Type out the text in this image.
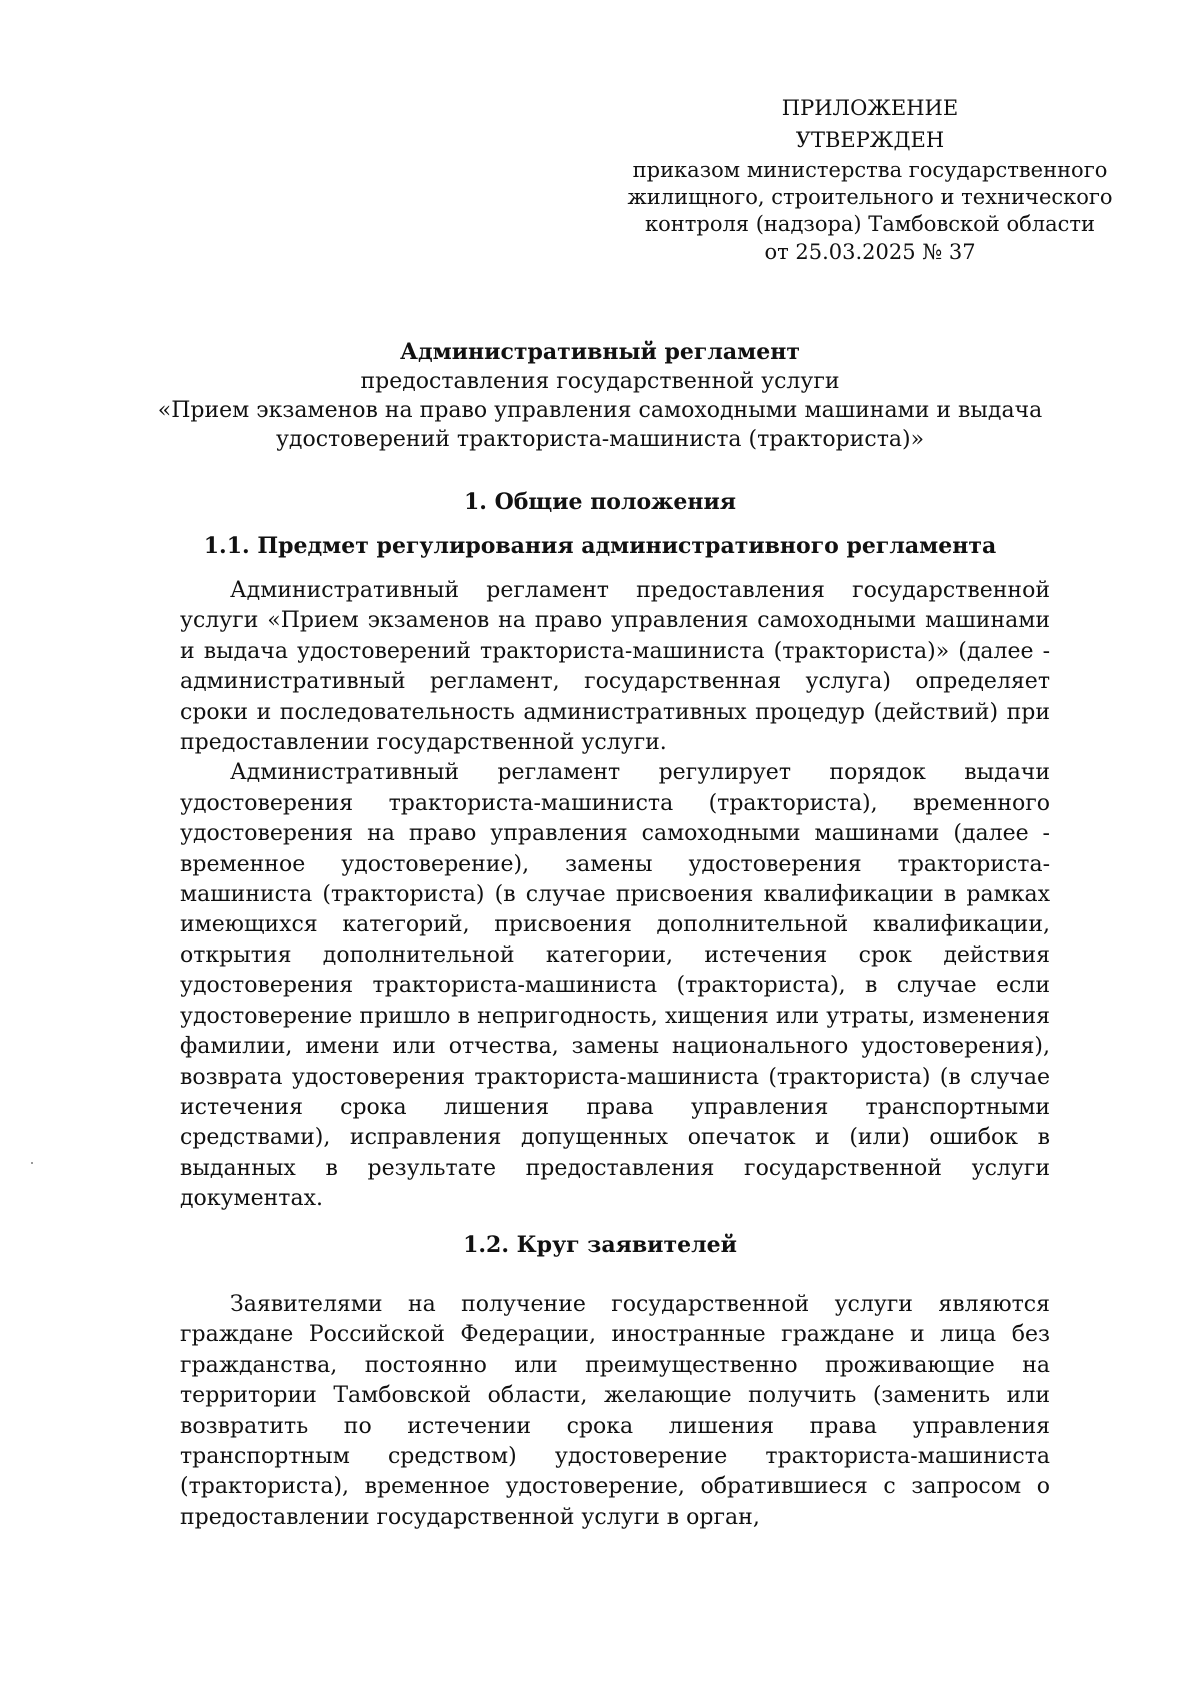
ПРИЛОЖЕНИЕ
УТВЕРЖДЕН
приказом министерства государственного
жилищного, строительного и технического
контроля (надзора) Тамбовской области
от 25.03.2025 № 37
Административный регламент
предоставления государственной услуги
«Прием экзаменов на право управления самоходными машинами и выдача
удостоверений тракториста-машиниста (тракториста)»
1. Общие положения
1.1. Предмет регулирования административного регламента

Административный регламент предоставления государственной услуги «Прием экзаменов на право управления самоходными машинами и выдача удостоверений тракториста-машиниста (тракториста)» (далее - административный регламент, государственная услуга) определяет сроки и последовательность административных процедур (действий) при предоставлении государственной услуги.

Административный регламент регулирует порядок выдачи удостоверения тракториста-машиниста (тракториста), временного удостоверения на право управления самоходными машинами (далее - временное удостоверение), замены удостоверения тракториста-машиниста (тракториста) (в случае присвоения квалификации в рамках имеющихся категорий, присвоения дополнительной квалификации, открытия дополнительной категории, истечения срок действия удостоверения тракториста-машиниста (тракториста), в случае если удостоверение пришло в непригодность, хищения или утраты, изменения фамилии, имени или отчества, замены национального удостоверения), возврата удостоверения тракториста-машиниста (тракториста) (в случае истечения срока лишения права управления транспортными средствами), исправления допущенных опечаток и (или) ошибок в выданных в результате предоставления государственной услуги документах.

1.2. Круг заявителей

Заявителями на получение государственной услуги являются граждане Российской Федерации, иностранные граждане и лица без гражданства, постоянно или преимущественно проживающие на территории Тамбовской области, желающие получить (заменить или возвратить по истечении срока лишения права управления транспортным средством) удостоверение тракториста-машиниста (тракториста), временное удостоверение, обратившиеся с запросом о предоставлении государственной услуги в орган,
